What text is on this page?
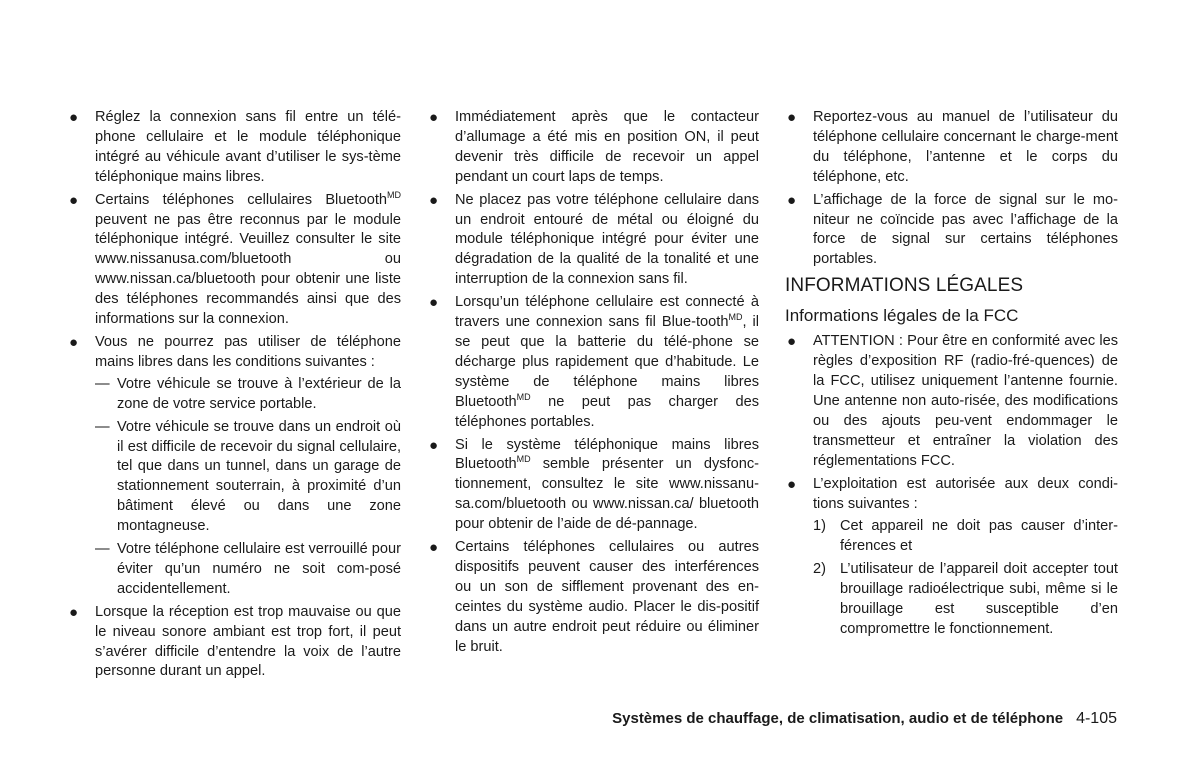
● Réglez la connexion sans fil entre un télé-phone cellulaire et le module téléphonique intégré au véhicule avant d’utiliser le sys-tème téléphonique mains libres.
● Certains téléphones cellulaires Bluetooth$^{MD}$ peuvent ne pas être reconnus par le module téléphonique intégré. Veuillez consulter le site www.nissanusa.com/bluetooth ou www.nissan.ca/bluetooth pour obtenir une liste des téléphones recommandés ainsi que des informations sur la connexion.
● Vous ne pourrez pas utiliser de téléphone mains libres dans les conditions suivantes :
— Votre véhicule se trouve à l’extérieur de la zone de votre service portable.
— Votre véhicule se trouve dans un endroit où il est difficile de recevoir du signal cellulaire, tel que dans un tunnel, dans un garage de stationnement souterrain, à proximité d’un bâtiment élevé ou dans une zone montagneuse.
— Votre téléphone cellulaire est verrouillé pour éviter qu’un numéro ne soit com-posé accidentellement.
● Lorsque la réception est trop mauvaise ou que le niveau sonore ambiant est trop fort, il peut s’avérer difficile d’entendre la voix de l’autre personne durant un appel.
● Immédiatement après que le contacteur d’allumage a été mis en position ON, il peut devenir très difficile de recevoir un appel pendant un court laps de temps.
● Ne placez pas votre téléphone cellulaire dans un endroit entouré de métal ou éloigné du module téléphonique intégré pour éviter une dégradation de la qualité de la tonalité et une interruption de la connexion sans fil.
● Lorsqu’un téléphone cellulaire est connecté à travers une connexion sans fil Blue-tooth$^{MD}$, il se peut que la batterie du télé-phone se décharge plus rapidement que d’habitude. Le système de téléphone mains libres Bluetooth$^{MD}$ ne peut pas charger des téléphones portables.
● Si le système téléphonique mains libres Bluetooth$^{MD}$ semble présenter un dysfonc-tionnement, consultez le site www.nissanu-sa.com/bluetooth ou www.nissan.ca/ bluetooth pour obtenir de l’aide de dé-pannage.
● Certains téléphones cellulaires ou autres dispositifs peuvent causer des interférences ou un son de sifflement provenant des en-ceintes du système audio. Placer le dis-positif dans un autre endroit peut réduire ou éliminer le bruit.
● Reportez-vous au manuel de l’utilisateur du téléphone cellulaire concernant le charge-ment du téléphone, l’antenne et le corps du téléphone, etc.
● L’affichage de la force de signal sur le mo-niteur ne coïncide pas avec l’affichage de la force de signal sur certains téléphones portables.
INFORMATIONS LÉGALES
Informations légales de la FCC
● ATTENTION : Pour être en conformité avec les règles d’exposition RF (radio-fré-quences) de la FCC, utilisez uniquement l’antenne fournie. Une antenne non auto-risée, des modifications ou des ajouts peu-vent endommager le transmetteur et entraîner la violation des réglementations FCC.
● L’exploitation est autorisée aux deux condi-tions suivantes :
1) Cet appareil ne doit pas causer d’inter-férences et
2) L’utilisateur de l’appareil doit accepter tout brouillage radioélectrique subi, même si le brouillage est susceptible d’en compromettre le fonctionnement.
Systèmes de chauffage, de climatisation, audio et de téléphone 4-105
